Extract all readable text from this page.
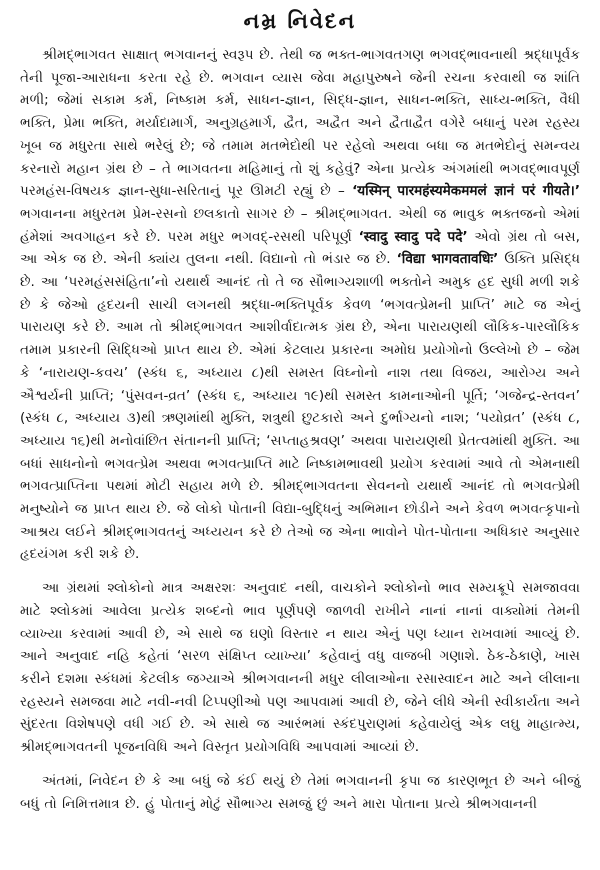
નમ્ર નિવેદન

શ્રીમદ્ભાગવત સાક્ષાત્ ભગવાનનું સ્વરૂપ છે. તેથી જ ભક્ત-ભાગવતગણ ભગવદ્ભાવનાથી શ્રદ્ધાપૂર્વક તેની પૂજા-આરાધના કરતા રહે છે. ભગવાન વ્યાસ જેવા મહાપુરુષને જેની રચના કરવાથી જ શાંતિ મળી; જેમાં સકામ કર્મ, નિષ્કામ કર્મ, સાધન-જ્ઞાન, સિદ્ધ-જ્ઞાન, સાધન-ભક્તિ, સાધ્ય-ભક્તિ, વૈધી ભક્તિ, પ્રેમા ભક્તિ, મર્યાદામાર્ગ, અનુગ્રહમાર્ગ, દ્વૈત, અદ્વૈત અને દ્વૈતાદ્વૈત વગેરે બધાનું પરમ રહસ્ય ખૂબ જ મધુરતા સાથે ભરેલું છે; જે તમામ મતભેદોથી પર રહેલો અથવા બધા જ મતભેદોનું સમન્વય કરનારો મહાન ગ્રંથ છે – તે ભાગવતના મહિમાનું તો શું કહેવું? એના પ્રત્યેક અંગમાંથી ભગવદ્ભાવપૂર્ણ પરમહંસ-વિષયક જ્ઞાન-સુધા-સરિતાનું પૂર ઊમટી રહ્યું છે – ‘यस्मिन् पारमहंस्यमेकममलं ज्ञानं परं गीयते।’ ભગવાનના મધુરતમ પ્રેમ-રસનો છલકાતો સાગર છે – શ્રીમદ્ભાગવત. એથી જ ભાવુક ભક્તજનો એમાં હંમેશાં અવગાહન કરે છે. પરમ મધુર ભગવદ્-રસથી પરિપૂર્ણ ‘स्वादु स्वादु पदे पदे’ એવો ગ્રંથ તો બસ, આ એક જ છે. એની ક્યાંય તુલના નથી. વિદ્યાનો તો ભંડાર જ છે. ‘विद्या भागवतावधिः’ ઉક્તિ પ્રસિદ્ધ છે. આ ‘પરમહંસસંહિતા’નો યથાર્થ આનંદ તો તે જ સૌભાગ્યશાળી ભક્તોને અમુક હદ સુધી મળી શકે છે કે જેઓ હૃદયની સાચી લગનથી શ્રદ્ધા-ભક્તિપૂર્વક કેવળ ‘ભગવત્પ્રેમની પ્રાપ્તિ’ માટે જ એનું પારાયણ કરે છે. આમ તો શ્રીમદ્ભાગવત આશીર્વાદાત્મક ગ્રંથ છે, એના પારાયણથી લૌકિક-પારલૌકિક તમામ પ્રકારની સિદ્ધિઓ પ્રાપ્ત થાય છે. એમાં કેટલાય પ્રકારના અમોઘ પ્રયોગોનો ઉલ્લેખો છે – જેમ કે ‘નારાયણ-કવચ’ (સ્કંધ ૬, અધ્યાય ૮)થી સમસ્ત વિઘ્નોનો નાશ તથા વિજય, આરોગ્ય અને ઐશ્વર્યની પ્રાપ્તિ; ‘પુંસવન-વ્રત’ (સ્કંધ ૬, અધ્યાય ૧૯)થી સમસ્ત કામનાઓની પૂર્તિ; ‘ગજેન્દ્ર-સ્તવન’ (સ્કંધ ૮, અધ્યાય ૩)થી ઋણમાંથી મુક્તિ, શત્રુથી છુટકારો અને દુર્ભાગ્યનો નાશ; ‘પયોવ્રત’ (સ્કંધ ૮, અધ્યાય ૧૬)થી મનોવાંછિત સંતાનની પ્રાપ્તિ; ‘સપ્તાહશ્રવણ’ અથવા પારાયણથી પ્રેતત્વમાંથી મુક્તિ. આ બધાં સાધનોનો ભગવત્પ્રેમ અથવા ભગવત્પ્રાપ્તિ માટે નિષ્કામભાવથી પ્રયોગ કરવામાં આવે તો એમનાથી ભગવત્પ્રાપ્તિના પથમાં મોટી સહાય મળે છે. શ્રીમદ્ભાગવતના સેવનનો યથાર્થ આનંદ તો ભગવત્પ્રેમી મનુષ્યોને જ પ્રાપ્ત થાય છે. જે લોકો પોતાની વિદ્યા-બુદ્ધિનું અભિમાન છોડીને અને કેવળ ભગવત્કૃપાનો આશ્રય લઈને શ્રીમદ્ભાગવતનું અધ્યયન કરે છે તેઓ જ એના ભાવોને પોત-પોતાના અધિકાર અનુસાર હૃદયંગમ કરી શકે છે.

આ ગ્રંથમાં શ્લોકોનો માત્ર અક્ષરશઃ અનુવાદ નથી, વાચકોને શ્લોકોનો ભાવ સમ્યક્રૂપે સમજાવવા માટે શ્લોકમાં આવેલા પ્રત્યેક શબ્દનો ભાવ પૂર્ણપણે જાળવી રાખીને નાનાં નાનાં વાક્યોમાં તેમની વ્યાખ્યા કરવામાં આવી છે, એ સાથે જ ઘણો વિસ્તાર ન થાય એનું પણ ધ્યાન રાખવામાં આવ્યું છે. આને અનુવાદ નહિ કહેતાં ‘સરળ સંક્ષિપ્ત વ્યાખ્યા’ કહેવાનું વધુ વાજબી ગણાશે. ઠેક-ઠેકાણે, ખાસ કરીને દશમા સ્કંધમાં કેટલીક જગ્યાએ શ્રીભગવાનની મધુર લીલાઓના રસાસ્વાદન માટે અને લીલાના રહસ્યને સમજવા માટે નવી-નવી ટિપ્પણીઓ પણ આપવામાં આવી છે, જેને લીધે એની સ્વીકાર્યતા અને સુંદરતા વિશેષપણે વધી ગઈ છે. એ સાથે જ આરંભમાં સ્કંદપુરાણમાં કહેવાયેલું એક લઘુ માહાત્મ્ય, શ્રીમદ્ભાગવતની પૂજનવિધિ અને વિસ્તૃત પ્રયોગવિધિ આપવામાં આવ્યાં છે.

અંતમાં, નિવેદન છે કે આ બધું જે કંઈ થયું છે તેમાં ભગવાનની કૃપા જ કારણભૂત છે અને બીજું બધું તો નિમિત્તમાત્ર છે. હું પોતાનું મોટું સૌભાગ્ય સમજું છું અને મારા પોતાના પ્રત્યે શ્રીભગવાનની
